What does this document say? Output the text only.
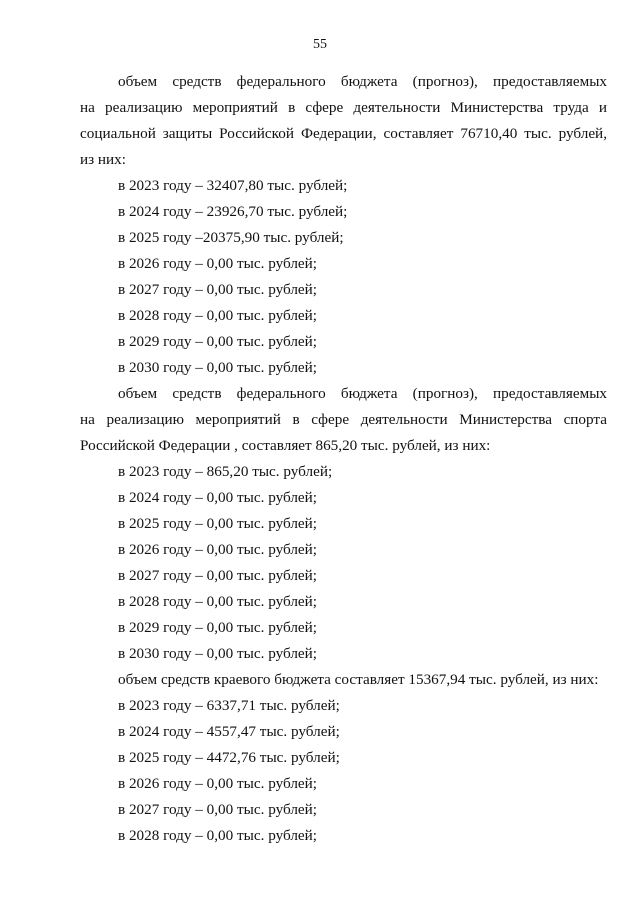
55
объем средств федерального бюджета (прогноз), предоставляемых
на реализацию мероприятий в сфере деятельности Министерства труда и
социальной защиты Российской Федерации, составляет 76710,40 тыс. рублей,
из них:
в 2023 году – 32407,80 тыс. рублей;
в 2024 году – 23926,70 тыс. рублей;
в 2025 году –20375,90 тыс. рублей;
в 2026 году – 0,00 тыс. рублей;
в 2027 году – 0,00 тыс. рублей;
в 2028 году – 0,00 тыс. рублей;
в 2029 году – 0,00 тыс. рублей;
в 2030 году – 0,00 тыс. рублей;
объем средств федерального бюджета (прогноз), предоставляемых
на реализацию мероприятий в сфере деятельности Министерства спорта
Российской Федерации , составляет 865,20 тыс. рублей, из них:
в 2023 году – 865,20 тыс. рублей;
в 2024 году – 0,00 тыс. рублей;
в 2025 году – 0,00 тыс. рублей;
в 2026 году – 0,00 тыс. рублей;
в 2027 году – 0,00 тыс. рублей;
в 2028 году – 0,00 тыс. рублей;
в 2029 году – 0,00 тыс. рублей;
в 2030 году – 0,00 тыс. рублей;
объем средств краевого бюджета составляет 15367,94 тыс. рублей, из них:
в 2023 году – 6337,71 тыс. рублей;
в 2024 году – 4557,47 тыс. рублей;
в 2025 году – 4472,76 тыс. рублей;
в 2026 году – 0,00 тыс. рублей;
в 2027 году – 0,00 тыс. рублей;
в 2028 году – 0,00 тыс. рублей;
